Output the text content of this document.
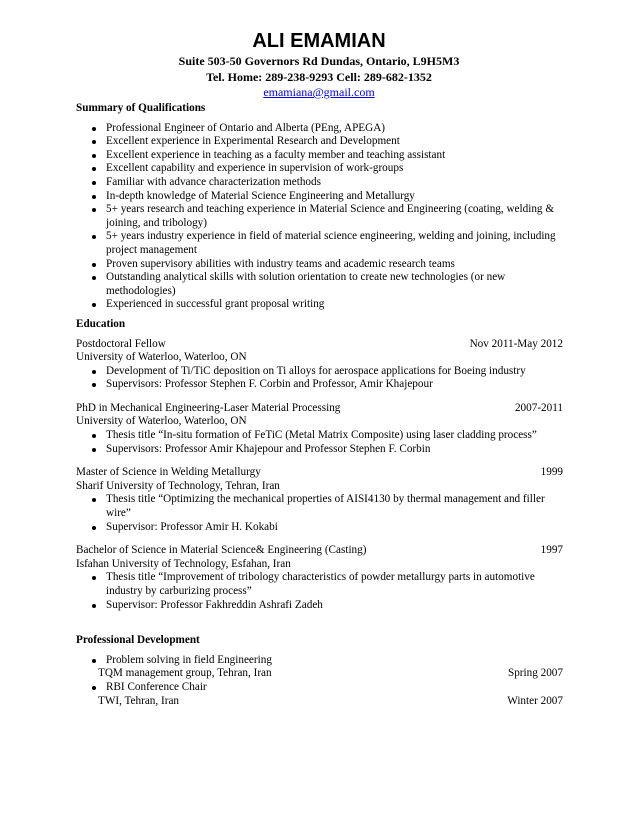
ALI EMAMIAN
Suite 503-50 Governors Rd Dundas, Ontario, L9H5M3
Tel. Home: 289-238-9293 Cell: 289-682-1352
emamiana@gmail.com
Summary of Qualifications
Professional Engineer of Ontario and Alberta (PEng, APEGA)
Excellent experience in Experimental Research and Development
Excellent experience in teaching as a faculty member and teaching assistant
Excellent capability and experience in supervision of work-groups
Familiar with advance characterization methods
In-depth knowledge of Material Science Engineering and Metallurgy
5+ years research and teaching experience in Material Science and Engineering (coating, welding & joining, and tribology)
5+ years industry experience in field of material science engineering, welding and joining, including project management
Proven supervisory abilities with industry teams and academic research teams
Outstanding analytical skills with solution orientation to create new technologies (or new methodologies)
Experienced in successful grant proposal writing
Education
Postdoctoral Fellow	Nov 2011-May 2012
University of Waterloo, Waterloo, ON
Development of Ti/TiC deposition on Ti alloys for aerospace applications for Boeing industry
Supervisors: Professor Stephen F. Corbin and Professor, Amir Khajepour
PhD in Mechanical Engineering-Laser Material Processing	2007-2011
University of Waterloo, Waterloo, ON
Thesis title “In-situ formation of FeTiC (Metal Matrix Composite) using laser cladding process”
Supervisors: Professor Amir Khajepour and Professor Stephen F. Corbin
Master of Science in Welding Metallurgy	1999
Sharif University of Technology, Tehran, Iran
Thesis title “Optimizing the mechanical properties of AISI4130 by thermal management and filler wire”
Supervisor: Professor Amir H. Kokabi
Bachelor of Science in Material Science& Engineering (Casting)	1997
Isfahan University of Technology, Esfahan, Iran
Thesis title “Improvement of tribology characteristics of powder metallurgy parts in automotive industry by carburizing process”
Supervisor: Professor Fakhreddin Ashrafi Zadeh
Professional Development
Problem solving in field Engineering
TQM management group, Tehran, Iran	Spring 2007
RBI Conference Chair
TWI, Tehran, Iran	Winter 2007
